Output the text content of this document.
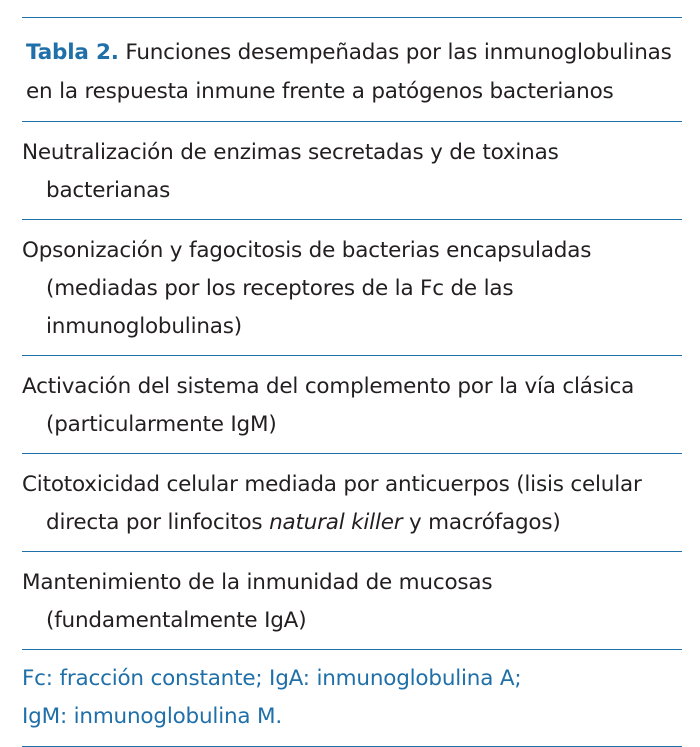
Tabla 2. Funciones desempeñadas por las inmunoglobulinas
en la respuesta inmune frente a patógenos bacterianos
Neutralización de enzimas secretadas y de toxinas
bacterianas
Opsonización y fagocitosis de bacterias encapsuladas
(mediadas por los receptores de la Fc de las
inmunoglobulinas)
Activación del sistema del complemento por la vía clásica
(particularmente IgM)
Citotoxicidad celular mediada por anticuerpos (lisis celular
directa por linfocitos natural killer y macrófagos)
Mantenimiento de la inmunidad de mucosas
(fundamentalmente IgA)
Fc: fracción constante; IgA: inmunoglobulina A;
IgM: inmunoglobulina M.
